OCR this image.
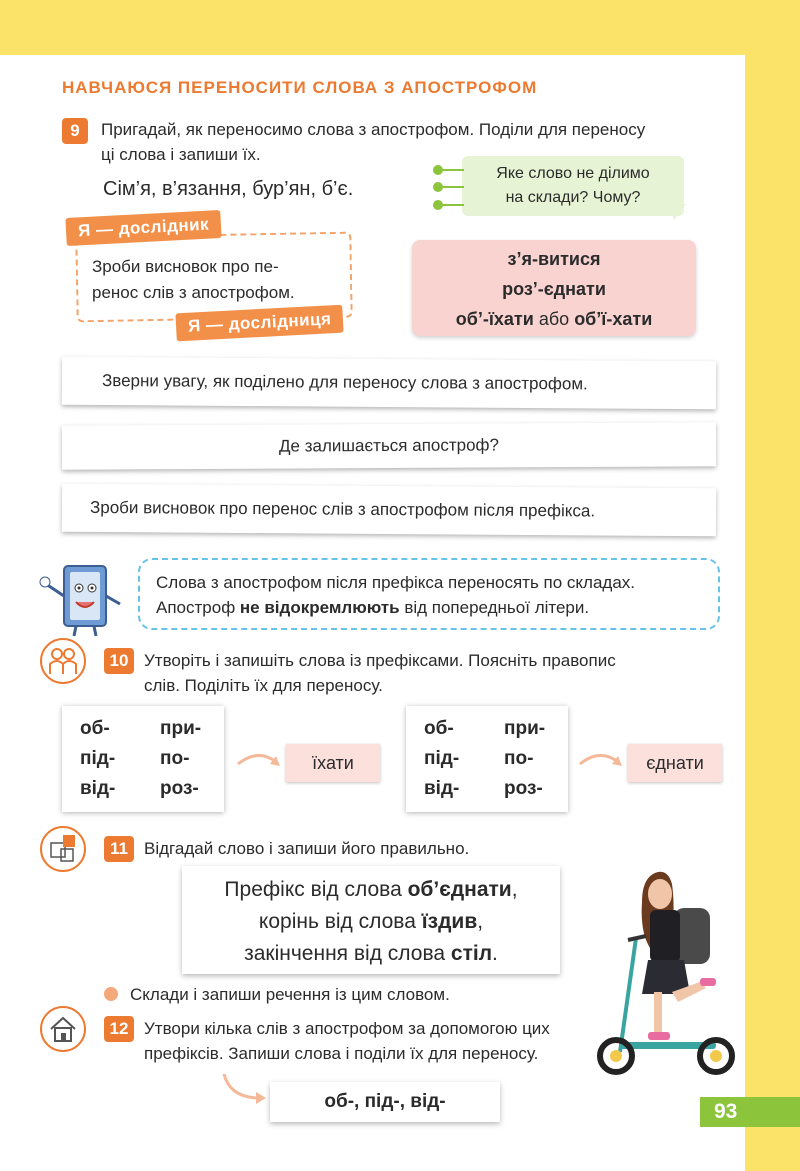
НАВЧАЮСЯ ПЕРЕНОСИТИ СЛОВА З АПОСТРОФОМ
9	Пригадай, як переносимо слова з апострофом. Поділи для переносу
ці слова і запиши їх.
Сім’я, в’язання, бур’ян, б’є.
Яке слово не ділимо
на склади? Чому?
Зроби висновок про пе-
ренос слів з апострофом.
Я — дослідник
Я — дослідниця
з’я-витися
роз’-єднати
об’-їхати або об’ї-хати
Зверни увагу, як поділено для переносу слова з апострофом.
Де залишається апостроф?
Зроби висновок про перенос слів з апострофом після префікса.
Слова з апострофом після префікса переносять по складах.
Апостроф не відокремлюють від попередньої літери.
10 Утворіть і запишіть слова із префіксами. Поясніть правопис
слів. Поділіть їх для переносу.
об-
під-
від-
при-
по-
роз-
їхати
об-
під-
від-
при-
по-
роз-
єднати
11 Відгадай слово і запиши його правильно.
Префікс від слова об’єднати,
корінь від слова їздив,
закінчення від слова стіл.
Склади і запиши речення із цим словом.
12 Утвори кілька слів з апострофом за допомогою цих
префіксів. Запиши слова і поділи їх для переносу.
об-, під-, від-	93
